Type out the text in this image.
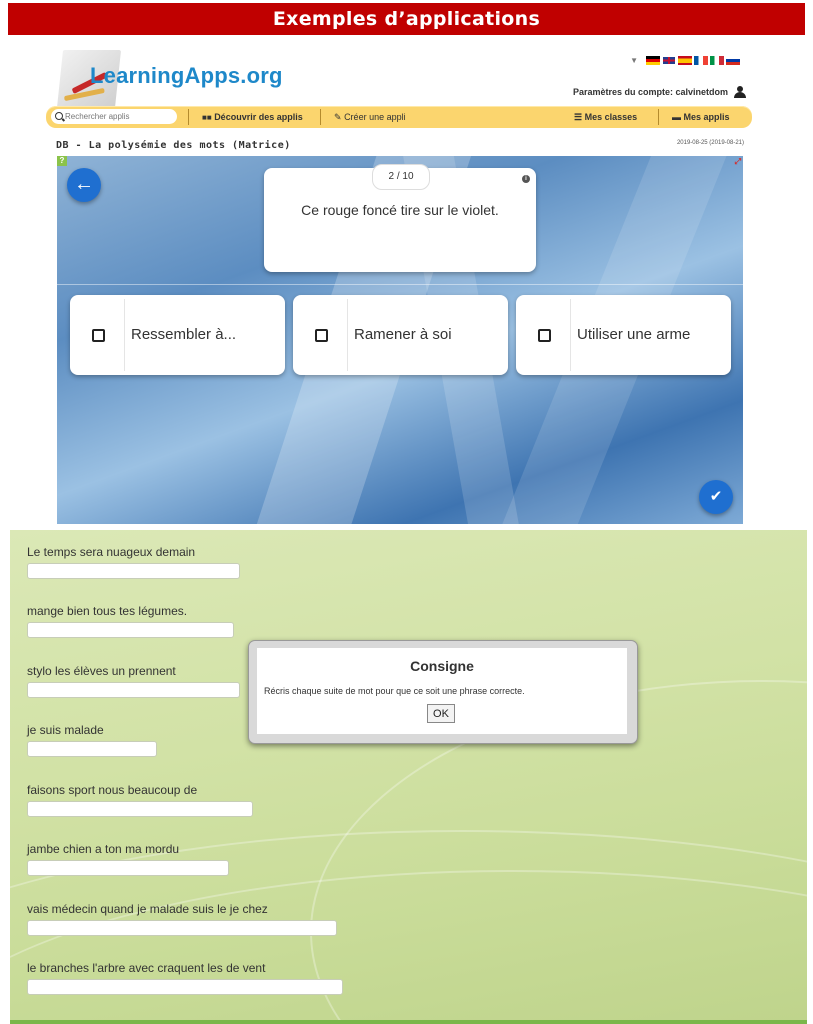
Exemples d’applications
LearningApps.org
▼
Paramètres du compte: calvinetdom
Rechercher applis	■■ Découvrir des applis	✎ Créer une appli	☰ Mes classes	▬ Mes applis
DB - La polysémie des mots (Matrice)	2019-08-25 (2019-08-21)
?	⤢
←	2 / 10	i
Ce rouge foncé tire sur le violet.
Ressembler à...	Ramener à soi	Utiliser une arme
✔
Le temps sera nuageux demain
mange bien tous tes légumes.
stylo les élèves un prennent
je suis malade
faisons sport nous beaucoup de
jambe chien a ton ma mordu
vais médecin quand je malade suis le je chez
le branches l'arbre avec craquent les de vent
Consigne
Récris chaque suite de mot pour que ce soit une phrase correcte.
OK
